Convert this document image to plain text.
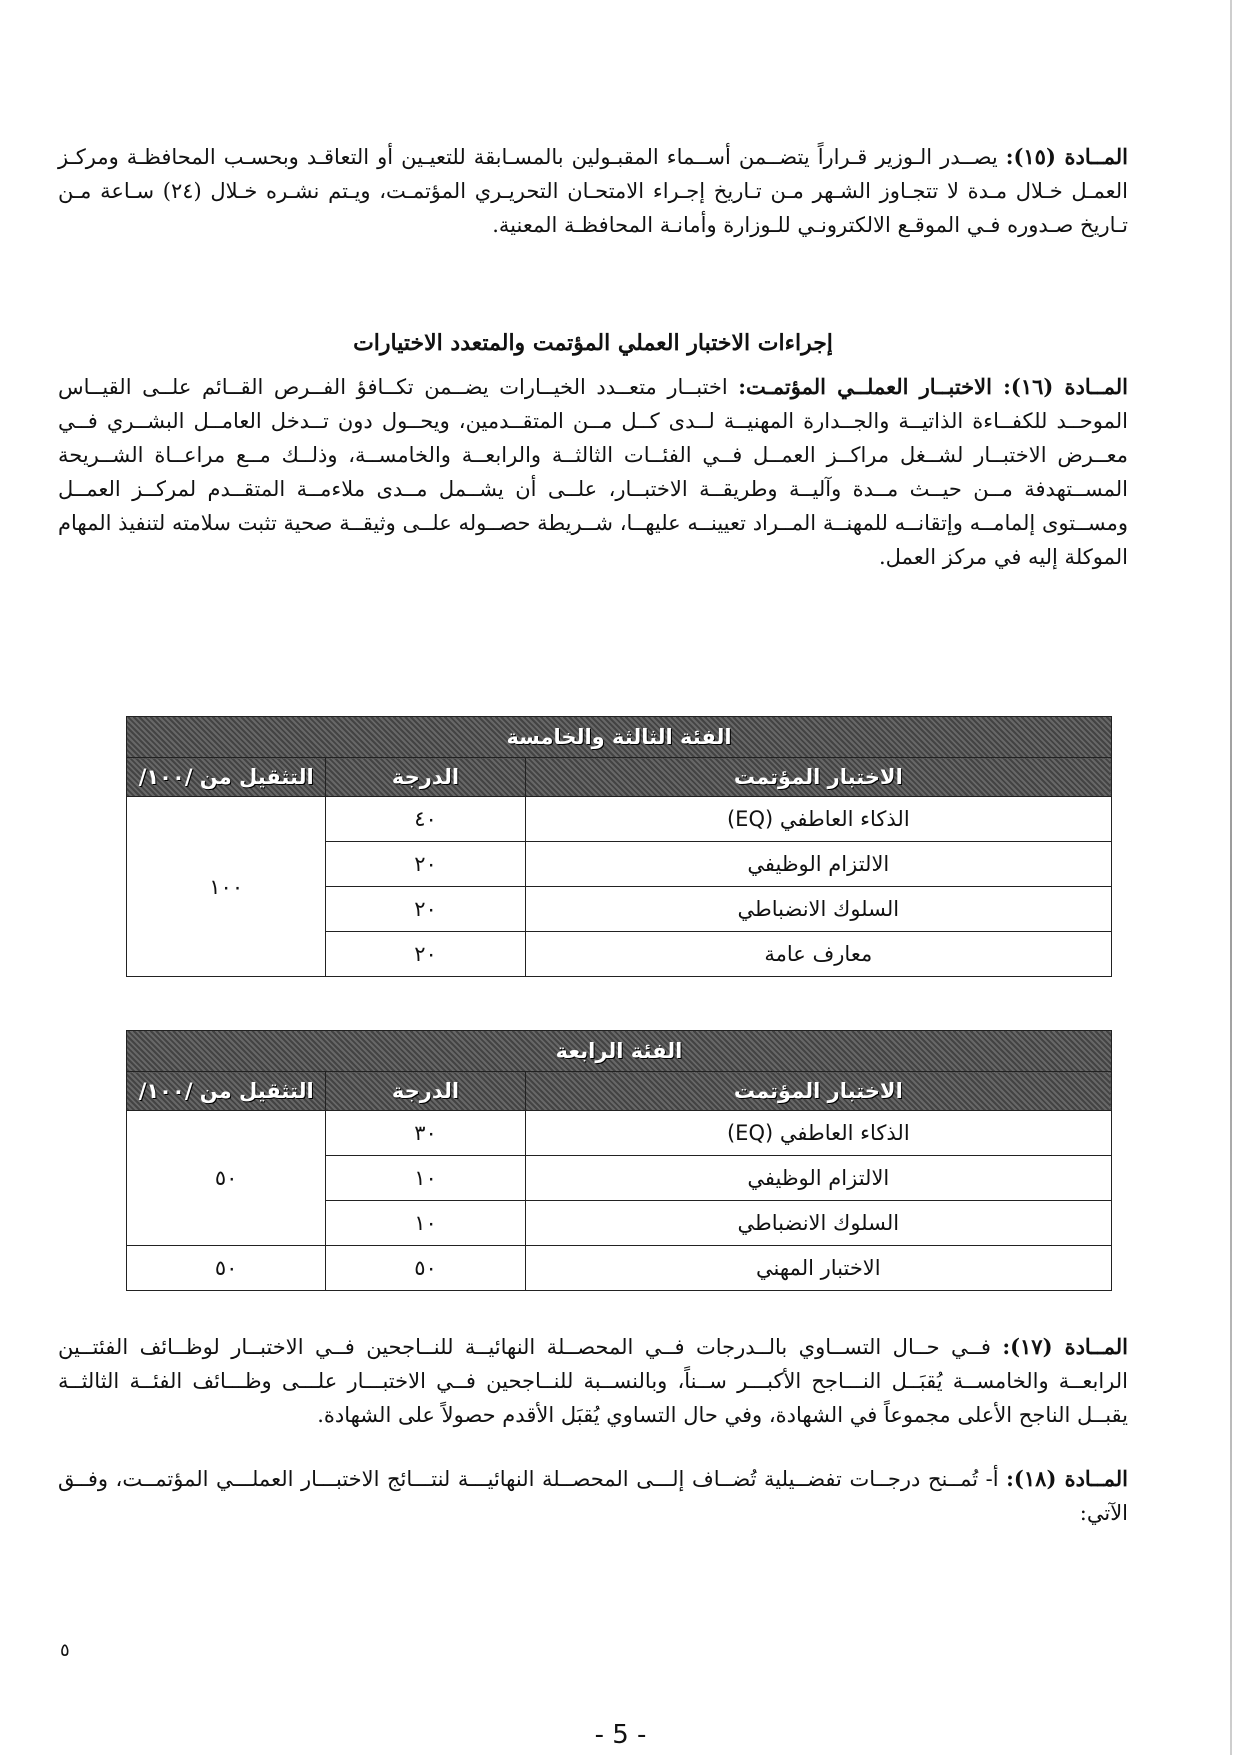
المــادة (١٥): يصــدر الـوزير قـراراً يتضــمن أســماء المقبـولين بالمسـابقة للتعيـين أو التعاقـد وبحسـب المحافظـة ومركـز العمـل خـلال مـدة لا تتجـاوز الشـهر مـن تـاريخ إجـراء الامتحـان التحريـري المؤتمـت، ويـتم نشـره خـلال (٢٤) سـاعة مـن تـاريخ صـدوره فـي الموقـع الالكترونـي للـوزارة وأمانـة المحافظـة المعنية.
إجراءات الاختبار العملي المؤتمت والمتعدد الاختيارات
المــادة (١٦): الاختبــار العملــي المؤتمـت: اختبــار متعــدد الخيــارات يضــمن تكــافؤ الفــرص القــائم علــى القيــاس الموحــد للكفــاءة الذاتيــة والجــدارة المهنيــة لــدى كــل مــن المتقــدمين، ويحــول دون تــدخل العامــل البشــري فــي معــرض الاختبــار لشــغل مراكــز العمــل فــي الفئــات الثالثــة والرابعــة والخامســة، وذلــك مــع مراعــاة الشــريحة المســتهدفة مــن حيــث مــدة وآليــة وطريقــة الاختبــار، علــى أن يشــمل مــدى ملاءمــة المتقــدم لمركــز العمــل ومســتوى إلمامــه وإتقانــه للمهنــة المــراد تعيينــه عليهــا، شــريطة حصــوله علــى وثيقــة صحية تثبت سلامته لتنفيذ المهام الموكلة إليه في مركز العمل.
الفئة الثالثة والخامسة		
الاختبار المؤتمت	الدرجة	التثقيل من /١٠٠/
الذكاء العاطفي (EQ)	٤٠	١٠٠
الالتزام الوظيفي	٢٠	
السلوك الانضباطي	٢٠	
معارف عامة	٢٠	
الفئة الرابعة		
الاختبار المؤتمت	الدرجة	التثقيل من /١٠٠/
الذكاء العاطفي (EQ)	٣٠	٥٠
الالتزام الوظيفي	١٠	
السلوك الانضباطي	١٠	
الاختبار المهني	٥٠	٥٠
المــادة (١٧): فــي حــال التســاوي بالــدرجات فــي المحصــلة النهائيــة للنــاجحين فــي الاختبــار لوظــائف الفئتــين الرابعــة والخامســة يُقبَــل النـــاجح الأكبـــر ســناً، وبالنســبة للنــاجحين فــي الاختبـــار علـــى وظـــائف الفئــة الثالثــة يقبــل الناجح الأعلى مجموعاً في الشهادة، وفي حال التساوي يُقبَل الأقدم حصولاً على الشهادة.
المــادة (١٨): أ- تُمــنح درجــات تفضــيلية تُضــاف إلـــى المحصــلة النهائيـــة لنتـــائج الاختبـــار العملـــي المؤتمــت، وفــق الآتي:
٥
- 5 -
